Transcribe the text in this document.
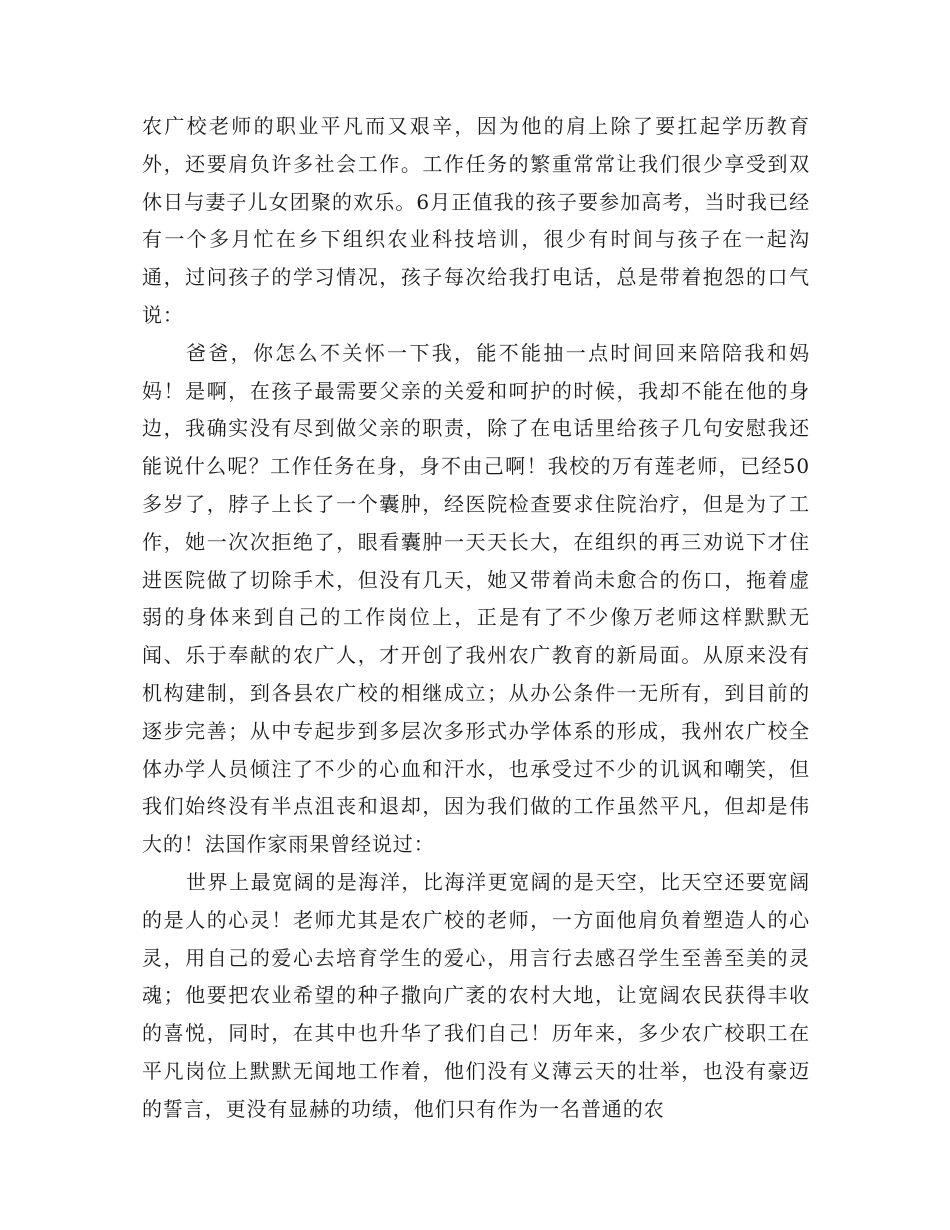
农广校老师的职业平凡而又艰辛，因为他的肩上除了要扛起学历教育外，还要肩负许多社会工作。工作任务的繁重常常让我们很少享受到双休日与妻子儿女团聚的欢乐。6月正值我的孩子要参加高考，当时我已经有一个多月忙在乡下组织农业科技培训，很少有时间与孩子在一起沟通，过问孩子的学习情况，孩子每次给我打电话，总是带着抱怨的口气说：

爸爸，你怎么不关怀一下我，能不能抽一点时间回来陪陪我和妈妈！是啊，在孩子最需要父亲的关爱和呵护的时候，我却不能在他的身边，我确实没有尽到做父亲的职责，除了在电话里给孩子几句安慰我还能说什么呢？工作任务在身，身不由己啊！我校的万有莲老师，已经50多岁了，脖子上长了一个囊肿，经医院检查要求住院治疗，但是为了工作，她一次次拒绝了，眼看囊肿一天天长大，在组织的再三劝说下才住进医院做了切除手术，但没有几天，她又带着尚未愈合的伤口，拖着虚弱的身体来到自己的工作岗位上，正是有了不少像万老师这样默默无闻、乐于奉献的农广人，才开创了我州农广教育的新局面。从原来没有机构建制，到各县农广校的相继成立；从办公条件一无所有，到目前的逐步完善；从中专起步到多层次多形式办学体系的形成，我州农广校全体办学人员倾注了不少的心血和汗水，也承受过不少的讥讽和嘲笑，但我们始终没有半点沮丧和退却，因为我们做的工作虽然平凡，但却是伟大的！法国作家雨果曾经说过：

世界上最宽阔的是海洋，比海洋更宽阔的是天空，比天空还要宽阔的是人的心灵！老师尤其是农广校的老师，一方面他肩负着塑造人的心灵，用自己的爱心去培育学生的爱心，用言行去感召学生至善至美的灵魂；他要把农业希望的种子撒向广袤的农村大地，让宽阔农民获得丰收的喜悦，同时，在其中也升华了我们自己！历年来，多少农广校职工在平凡岗位上默默无闻地工作着，他们没有义薄云天的壮举，也没有豪迈的誓言，更没有显赫的功绩，他们只有作为一名普通的农
